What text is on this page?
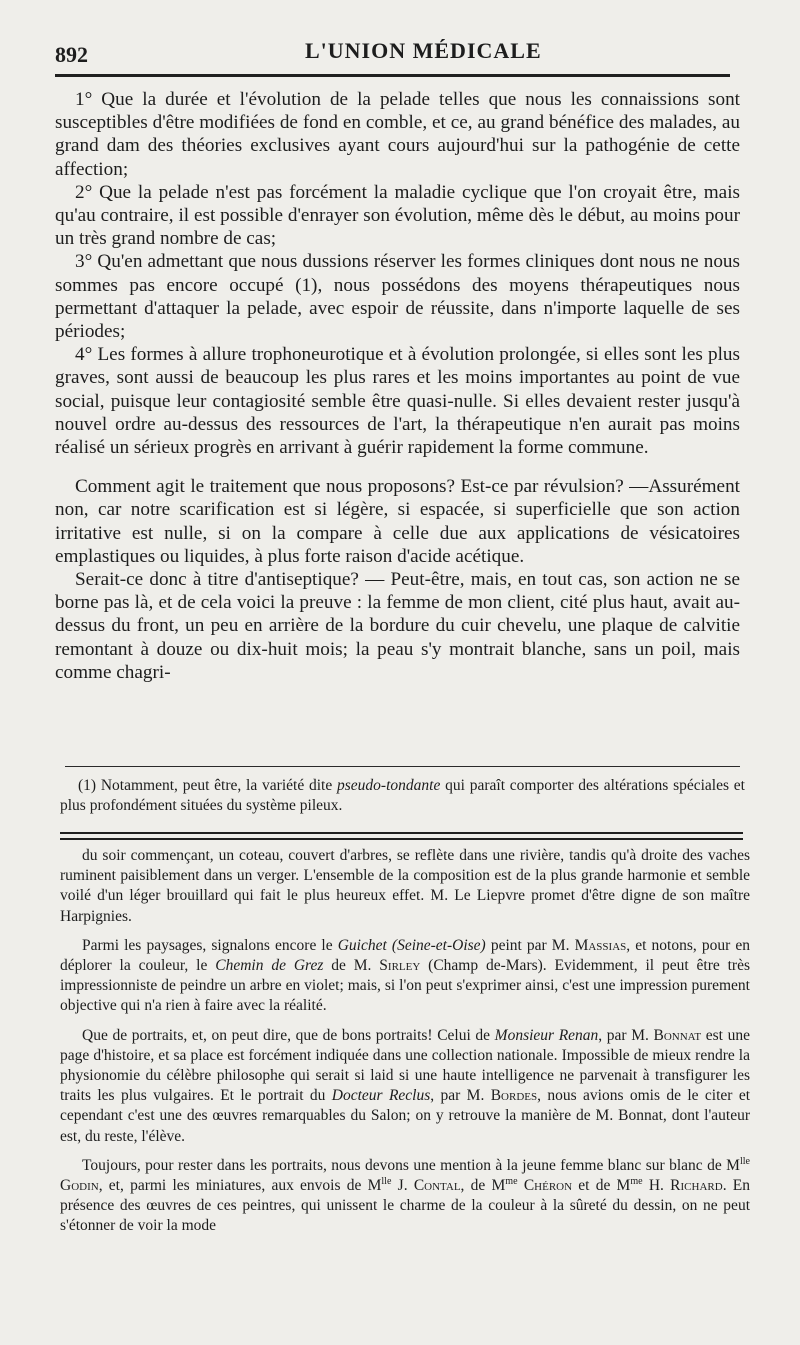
892	L'UNION MÉDICALE

1° Que la durée et l'évolution de la pelade telles que nous les connaissions sont susceptibles d'être modifiées de fond en comble, et ce, au grand bénéfice des malades, au grand dam des théories exclusives ayant cours aujourd'hui sur la pathogénie de cette affection;

2° Que la pelade n'est pas forcément la maladie cyclique que l'on croyait être, mais qu'au contraire, il est possible d'enrayer son évolution, même dès le début, au moins pour un très grand nombre de cas;

3° Qu'en admettant que nous dussions réserver les formes cliniques dont nous ne nous sommes pas encore occupé (1), nous possédons des moyens thérapeutiques nous permettant d'attaquer la pelade, avec espoir de réussite, dans n'importe laquelle de ses périodes;

4° Les formes à allure trophoneurotique et à évolution prolongée, si elles sont les plus graves, sont aussi de beaucoup les plus rares et les moins importantes au point de vue social, puisque leur contagiosité semble être quasi-nulle. Si elles devaient rester jusqu'à nouvel ordre au-dessus des ressources de l'art, la thérapeutique n'en aurait pas moins réalisé un sérieux progrès en arrivant à guérir rapidement la forme commune.

Comment agit le traitement que nous proposons? Est-ce par révulsion? —Assurément non, car notre scarification est si légère, si espacée, si superficielle que son action irritative est nulle, si on la compare à celle due aux applications de vésicatoires emplastiques ou liquides, à plus forte raison d'acide acétique.

Serait-ce donc à titre d'antiseptique? — Peut-être, mais, en tout cas, son action ne se borne pas là, et de cela voici la preuve : la femme de mon client, cité plus haut, avait au-dessus du front, un peu en arrière de la bordure du cuir chevelu, une plaque de calvitie remontant à douze ou dix-huit mois; la peau s'y montrait blanche, sans un poil, mais comme chagri-

(1) Notamment, peut être, la variété dite pseudo-tondante qui paraît comporter des altérations spéciales et plus profondément situées du système pileux.

du soir commençant, un coteau, couvert d'arbres, se reflète dans une rivière, tandis qu'à droite des vaches ruminent paisiblement dans un verger. L'ensemble de la composition est de la plus grande harmonie et semble voilé d'un léger brouillard qui fait le plus heureux effet. M. Le Liepvre promet d'être digne de son maître Harpignies.

Parmi les paysages, signalons encore le Guichet (Seine-et-Oise) peint par M. Massias, et notons, pour en déplorer la couleur, le Chemin de Grez de M. Sirley (Champ de-Mars). Evidemment, il peut être très impressionniste de peindre un arbre en violet; mais, si l'on peut s'exprimer ainsi, c'est une impression purement objective qui n'a rien à faire avec la réalité.

Que de portraits, et, on peut dire, que de bons portraits! Celui de Monsieur Renan, par M. Bonnat est une page d'histoire, et sa place est forcément indiquée dans une collection nationale. Impossible de mieux rendre la physionomie du célèbre philosophe qui serait si laid si une haute intelligence ne parvenait à transfigurer les traits les plus vulgaires. Et le portrait du Docteur Reclus, par M. Bordes, nous avions omis de le citer et cependant c'est une des œuvres remarquables du Salon; on y retrouve la manière de M. Bonnat, dont l'auteur est, du reste, l'élève.

Toujours, pour rester dans les portraits, nous devons une mention à la jeune femme blanc sur blanc de $M^{lle}$ Godin, et, parmi les miniatures, aux envois de $M^{lle}$ J. Contal, de $M^{me}$ Chéron et de $M^{me}$ H. Richard. En présence des œuvres de ces peintres, qui unissent le charme de la couleur à la sûreté du dessin, on ne peut s'étonner de voir la mode
